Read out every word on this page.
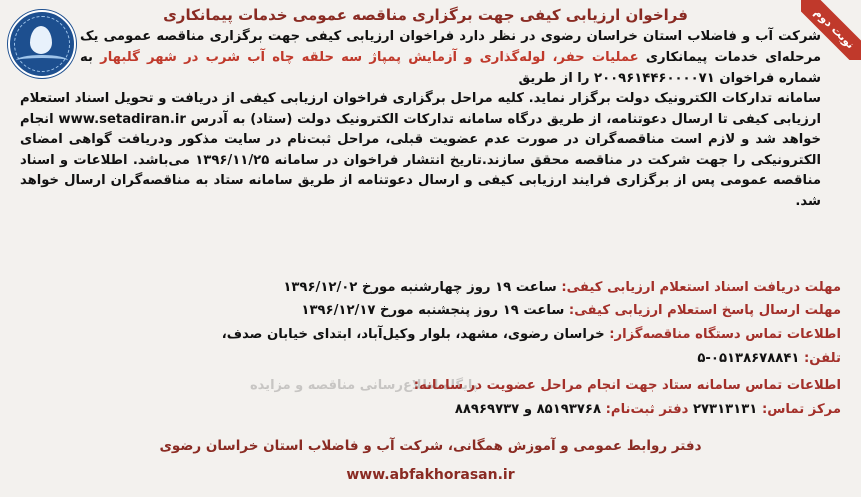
نوبت دوم
فراخوان ارزیابی کیفی جهت برگزاری مناقصه عمومی خدمات پیمانکاری
شرکت آب و فاضلاب استان خراسان رضوی در نظر دارد فراخوان ارزیابی کیفی جهت برگزاری مناقصه عمومی یک مرحله‌ای خدمات پیمانکاری عملیات حفر، لوله‌گذاری و آزمایش پمپاژ سه حلقه چاه آب شرب در شهر گلبهار به شماره فراخوان ۲۰۰۹۶۱۴۴۶۰۰۰۰۷۱ را از طریق
سامانه تدارکات الکترونیک دولت برگزار نماید. کلیه مراحل برگزاری فراخوان ارزیابی کیفی از دریافت و تحویل اسناد استعلام ارزیابی کیفی تا ارسال دعوتنامه، از طریق درگاه سامانه تدارکات الکترونیک دولت (ستاد) به آدرس www.setadiran.ir انجام خواهد شد و لازم است مناقصه‌گران در صورت عدم عضویت قبلی، مراحل ثبت‌نام در سایت مذکور ودریافت گواهی امضای الکترونیکی را جهت شرکت در مناقصه محقق سازند.تاریخ انتشار فراخوان در سامانه ۱۳۹۶/۱۱/۲۵ می‌باشد. اطلاعات و اسناد مناقصه عمومی پس از برگزاری فرایند ارزیابی کیفی و ارسال دعوتنامه از طریق سامانه ستاد به مناقصه‌گران ارسال خواهد شد.
مهلت دریافت اسناد استعلام ارزیابی کیفی: ساعت ۱۹ روز چهارشنبه مورخ ۱۳۹۶/۱۲/۰۲
مهلت ارسال پاسخ استعلام ارزیابی کیفی: ساعت ۱۹ روز پنجشنبه مورخ ۱۳۹۶/۱۲/۱۷
اطلاعات تماس دستگاه مناقصه‌گزار: خراسان رضوی، مشهد، بلوار وکیل‌آباد، ابتدای خیابان صدف،
تلفن: ۰۵۱۳۸۶۷۸۸۴۱-۵
پایگاه اطلاع‌رسانی مناقصه و مزایده
اطلاعات تماس سامانه ستاد جهت انجام مراحل عضویت در سامانه:
مرکز تماس: ۲۷۳۱۳۱۳۱ دفتر ثبت‌نام: ۸۵۱۹۳۷۶۸ و ۸۸۹۶۹۷۳۷
دفتر روابط عمومی و آموزش همگانی، شرکت آب و فاضلاب استان خراسان رضوی
www.abfakhorasan.ir
